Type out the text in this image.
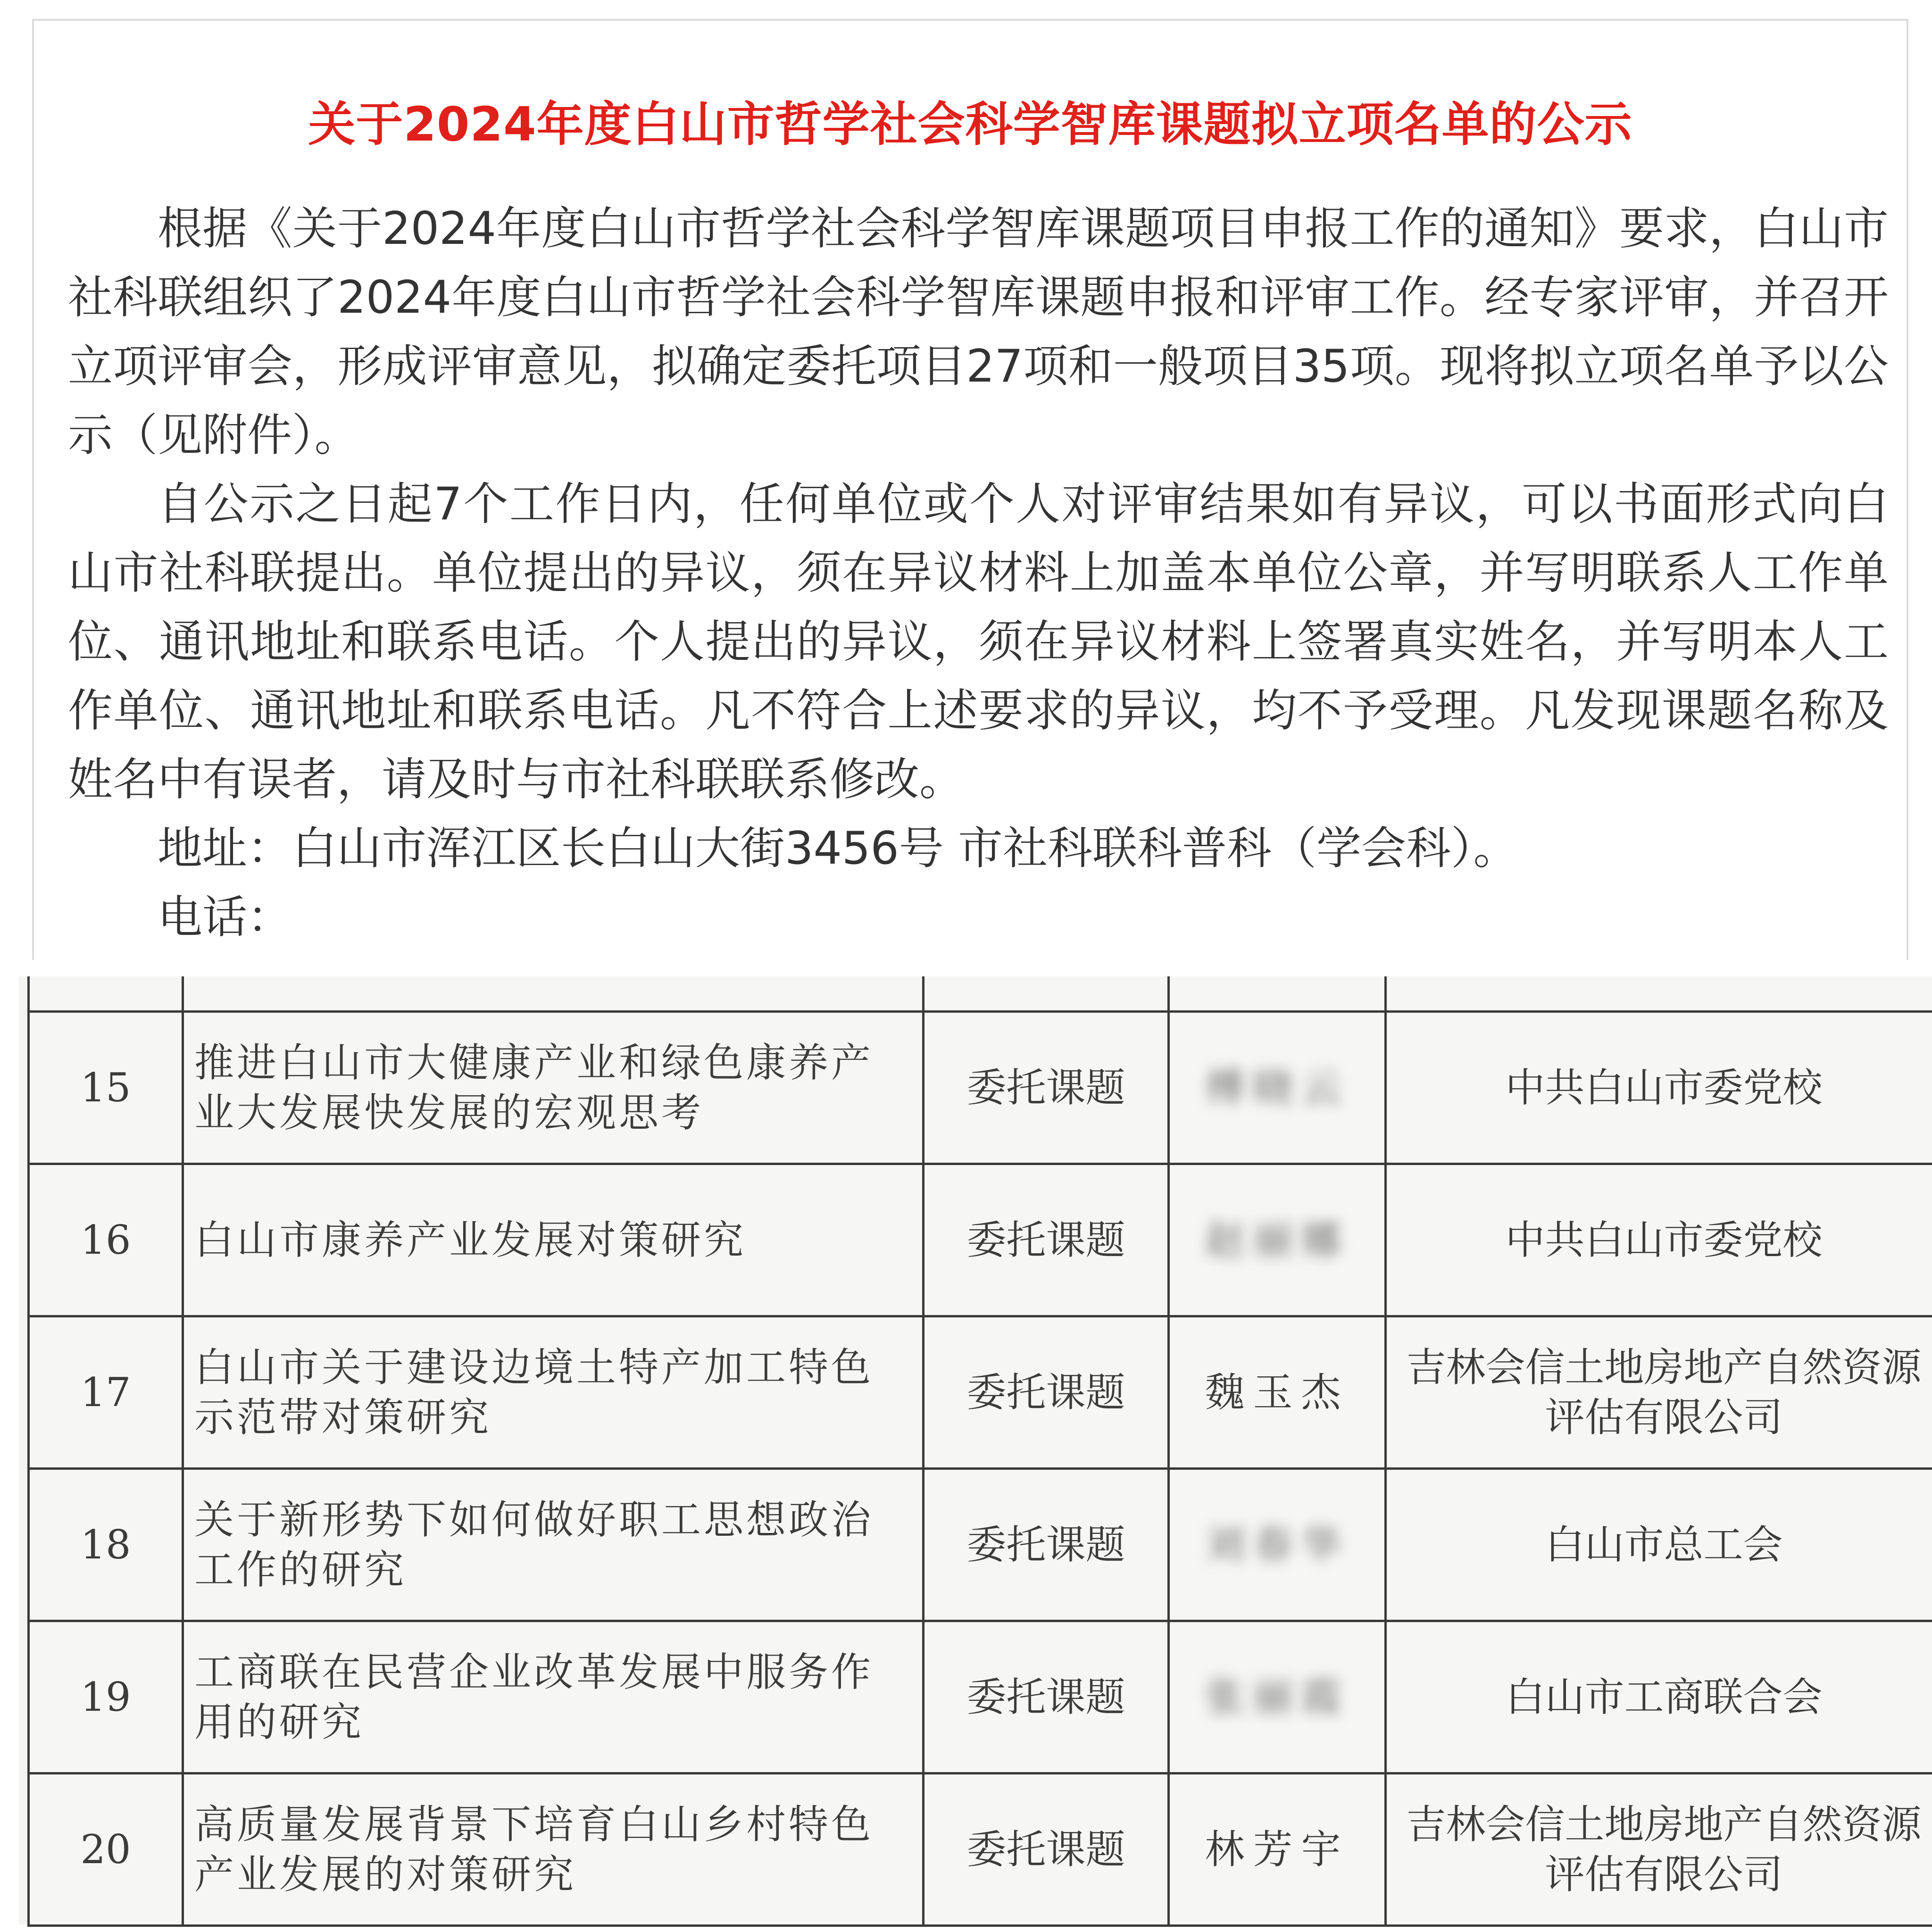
关于2024年度白山市哲学社会科学智库课题拟立项名单的公示

根据《关于2024年度白山市哲学社会科学智库课题项目申报工作的通知》要求，白山市社科联组织了2024年度白山市哲学社会科学智库课题申报和评审工作。经专家评审，并召开立项评审会，形成评审意见，拟确定委托项目27项和一般项目35项。现将拟立项名单予以公示（见附件）。

自公示之日起7个工作日内，任何单位或个人对评审结果如有异议，可以书面形式向白山市社科联提出。单位提出的异议，须在异议材料上加盖本单位公章，并写明联系人工作单位、通讯地址和联系电话。个人提出的异议，须在异议材料上签署真实姓名，并写明本人工作单位、通讯地址和联系电话。凡不符合上述要求的异议，均不予受理。凡发现课题名称及姓名中有误者，请及时与市社科联联系修改。

地址：白山市浑江区长白山大街3456号 市社科联科普科（学会科）。
电话：

15	推进白山市大健康产业和绿色康养产业大发展快发展的宏观思考	委托课题	傅晓云	中共白山市委党校
16	白山市康养产业发展对策研究	委托课题	赵丽娜	中共白山市委党校
17	白山市关于建设边境土特产加工特色示范带对策研究	委托课题	魏玉杰	吉林会信土地房地产自然资源评估有限公司
18	关于新形势下如何做好职工思想政治工作的研究	委托课题	刘春华	白山市总工会
19	工商联在民营企业改革发展中服务作用的研究	委托课题	张丽霞	白山市工商联合会
20	高质量发展背景下培育白山乡村特色产业发展的对策研究	委托课题	林芳宇	吉林会信土地房地产自然资源评估有限公司
